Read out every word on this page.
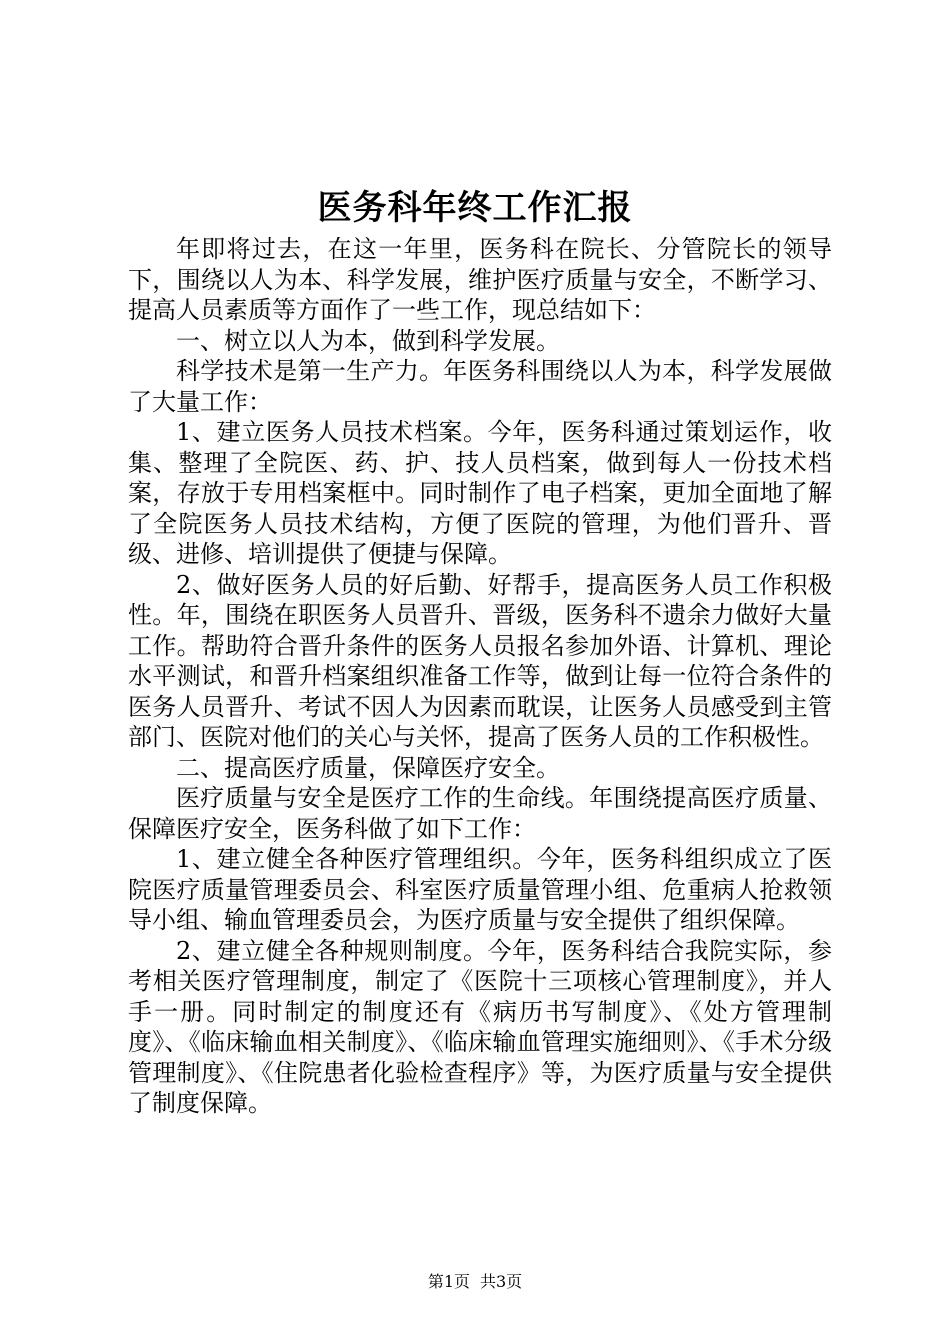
医务科年终工作汇报

年即将过去，在这一年里，医务科在院长、分管院长的领导下，围绕以人为本、科学发展，维护医疗质量与安全，不断学习、提高人员素质等方面作了一些工作，现总结如下：

一、树立以人为本，做到科学发展。

科学技术是第一生产力。年医务科围绕以人为本，科学发展做了大量工作：

1、建立医务人员技术档案。今年，医务科通过策划运作，收集、整理了全院医、药、护、技人员档案，做到每人一份技术档案，存放于专用档案框中。同时制作了电子档案，更加全面地了解了全院医务人员技术结构，方便了医院的管理，为他们晋升、晋级、进修、培训提供了便捷与保障。

2、做好医务人员的好后勤、好帮手，提高医务人员工作积极性。年，围绕在职医务人员晋升、晋级，医务科不遗余力做好大量工作。帮助符合晋升条件的医务人员报名参加外语、计算机、理论水平测试，和晋升档案组织准备工作等，做到让每一位符合条件的医务人员晋升、考试不因人为因素而耽误，让医务人员感受到主管部门、医院对他们的关心与关怀，提高了医务人员的工作积极性。

二、提高医疗质量，保障医疗安全。

医疗质量与安全是医疗工作的生命线。年围绕提高医疗质量、保障医疗安全，医务科做了如下工作：

1、建立健全各种医疗管理组织。今年，医务科组织成立了医院医疗质量管理委员会、科室医疗质量管理小组、危重病人抢救领导小组、输血管理委员会，为医疗质量与安全提供了组织保障。

2、建立健全各种规则制度。今年，医务科结合我院实际，参考相关医疗管理制度，制定了《医院十三项核心管理制度》，并人手一册。同时制定的制度还有《病历书写制度》、《处方管理制度》、《临床输血相关制度》、《临床输血管理实施细则》、《手术分级管理制度》、《住院患者化验检查程序》等，为医疗质量与安全提供了制度保障。

第1页 共3页
